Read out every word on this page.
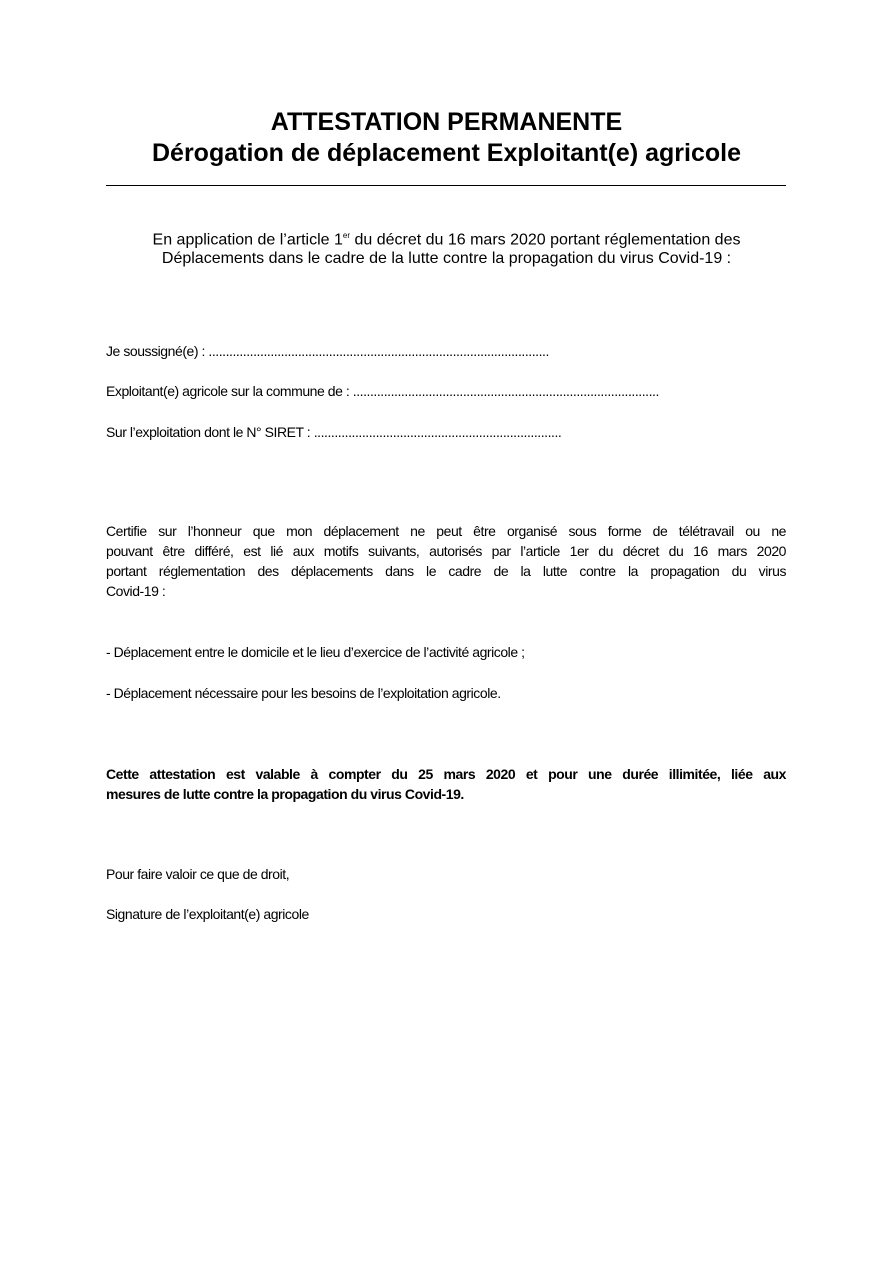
ATTESTATION PERMANENTE
Dérogation de déplacement Exploitant(e) agricole
En application de l’article 1er du décret du 16 mars 2020 portant réglementation des
Déplacements dans le cadre de la lutte contre la propagation du virus Covid-19 :
Je soussigné(e) : ...................................................................................................
Exploitant(e) agricole sur la commune de : .........................................................................................
Sur l’exploitation dont le N° SIRET : ........................................................................
Certifie sur l’honneur que mon déplacement ne peut être organisé sous forme de télétravail ou ne
pouvant être différé, est lié aux motifs suivants, autorisés par l’article 1er du décret du 16 mars 2020
portant réglementation des déplacements dans le cadre de la lutte contre la propagation du virus
Covid-19 :
- Déplacement entre le domicile et le lieu d’exercice de l’activité agricole ;
- Déplacement nécessaire pour les besoins de l’exploitation agricole.
Cette attestation est valable à compter du 25 mars 2020 et pour une durée illimitée, liée aux
mesures de lutte contre la propagation du virus Covid-19.
Pour faire valoir ce que de droit,
Signature de l’exploitant(e) agricole
